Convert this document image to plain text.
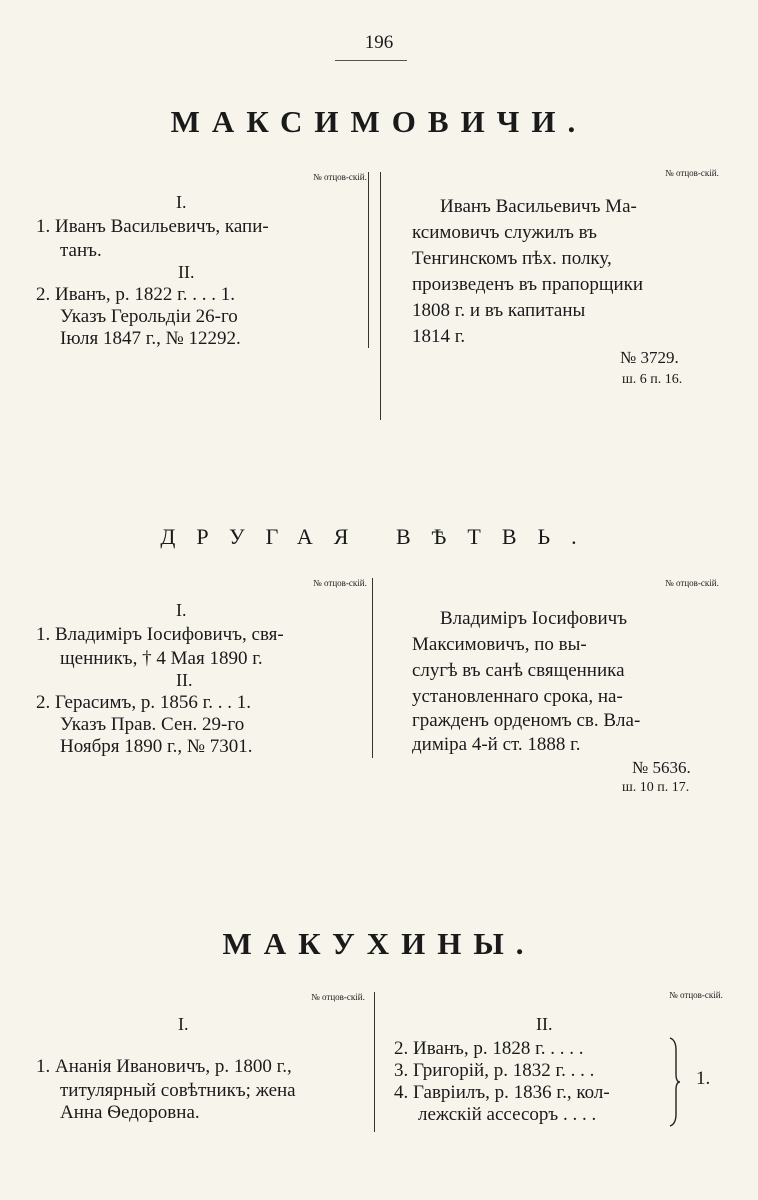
196
МАКСИМОВИЧИ.
№ отцов-скій.	№ отцов-скій.
I.
1. Иванъ Васильевичъ, капи-
танъ.
II.
2. Иванъ, р. 1822 г. . . . 1.
Указъ Герольдіи 26-го
Іюля 1847 г., № 12292.
Иванъ Васильевичъ Ма-
ксимовичъ служилъ въ
Тенгинскомъ пѣх. полку,
произведенъ въ прапорщики
1808 г. и въ капитаны
1814 г.
№ 3729.
ш. 6 п. 16.
ДРУГАЯ ВѢТВЬ.
№ отцов-скій.	№ отцов-скій.
I.
1. Владиміръ Іосифовичъ, свя-
щенникъ, † 4 Мая 1890 г.
II.
2. Герасимъ, р. 1856 г. . . 1.
Указъ Прав. Сен. 29-го
Ноября 1890 г., № 7301.
Владиміръ Іосифовичъ
Максимовичъ, по вы-
слугѣ въ санѣ священника
установленнаго срока, на-
гражденъ орденомъ св. Вла-
диміра 4-й ст. 1888 г.
№ 5636.
ш. 10 п. 17.
МАКУХИНЫ.
№ отцов-скій.	№ отцов-скій.
I.
1. Ананія Ивановичъ, р. 1800 г.,
титулярный совѣтникъ; жена
Анна Ѳедоровна.
II.
2. Иванъ, р. 1828 г. . . . .
3. Григорій, р. 1832 г. . . .
4. Гавріилъ, р. 1836 г., кол-
лежскій ассесоръ . . . .
1.
